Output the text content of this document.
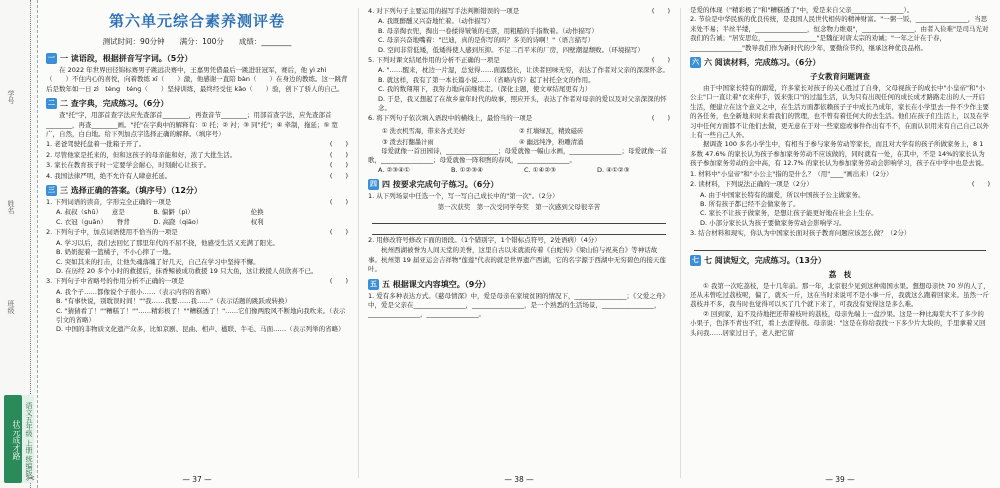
学号
姓名
班级
状元成才路 语文五年级 上册 统编版
✂
第六单元综合素养测评卷
测试时间：90分钟　　满分：100分　　成绩：________
一 一 读语段，根据拼音写字词。（5分）

　　在 2022 年世界田径锦标赛男子跳远决赛中，王嘉男凭借最后一跳进驻冠军，赛后，他 yì zhì（　　）不住内心的喜悦，向着教练 xī（　　）激，他感谢一直陪 bàn（　　）在身边的教练。这一跳背后是数年如一日 zì　tèng　ténɡ（　　）坚持训练，最终经受住 kǎo（　　）验，创下了骄人的自己。

二 二 查字典，完成练习。（6分）

　　查"托"字，用部首查字法应先查部首________，再查音节________；用部首查字法，应先查部首________，再查________画。"托"在字典中的解释有：① 托；② 衬；③ 同"托"；④ 牵制，拖延；⑤ 宽广，自然，白白地。给下列加点字选择正确的解释。（填序号）

1. 老爸驾驶托盘着一批箱子开了。	(　　)
2. 尽管他家是托来的，但和这孩子的母亲能和好，浓了大批生活。	(　　)
3. 家长在教育孩子时一定要学会耐心，时刻耐心让孩子。	(　　)
4. 我国法律严明，绝不允许有人肆意托延。	(　　)
三 三 选择正确的答案。（填序号）（12分）
1. 下列词语的读音，字形完全正确的一项是	(　　)
A. 叔叔（shū）　　意是	B. 偏僻（pì）	伦换
C. 衣冠（guān）　　脊背	D. 高跷（qiāo）	权利
2. 下列句子中，加点词语使用不恰当的一项是	(　　)
A. 学习以后，我们去回忆了那里年代的不屈不挠，他感受生活又充满了阳光。
B. 奶奶捉着一篮橘子，不小心摔了一地。
C. 突如其来的打击，让他失魂落魄了好几天，自己在学习中坚持不懈。
D. 在历经 20 多个小时的救援后，抹香鲸被成功救援 19 只大鱼，这让救援人员欣喜不已。
3. 下列句子中省略号的作用分析不正确的一项是	(　　)
A. 我个子……都像说个子很小……（表示内容的省略）
B. "有事快说，别耽误时间！""我……我要……我……"（表示话题的跳跃或转换）
C. "猜猜看了！""糟糕了！""……精彩极了！""糟糕透了！"……它们像两股风不断地向我吹来。（表示引文的省略）
D. 中国的非物质文化遗产众多，比如京剧、昆曲、相声、楹联、牛毛、马面……（表示列举的省略）
— 37 —
4. 对下列句子主要运用的描写手法判断错误的一项是	(　　)
A. 我既醉醺又兴奋地忙着。（动作描写）
B. 母亲掏衣兜，掏出一卷揉得皱皱的毛票，用粗糙的手指数着。（动作描写）
C. 母亲兴奋地嘴着："巴迪，真的是你写的吗？多美的诗啊！"（语言描写）
D. 空间非常低矮，低矮得使人感到压抑。不足二百平米的厂房，四壁潮湿颓败。（环境描写）
5. 下列对课文结尾作用的分析不正确的一项是	(　　)
A. "……醒来，枕边一片湿，总觉得……面露悠长，让读者回味无穷，表达了作者对父亲的深深怀念。
B. 就这样，我有了第一本长篇小说……（省略内容）起了衬托全文的作用。
C. 我的数翔翔下，我努力地向前继续走。（深化主题，使文章结尾更有力）
D. 于是，我又想起了在故乡童年时代的故事，照应开头，表达了作者对母亲的爱以及对父亲深深的怀念。
6. 将下列句子依次填入语段中的横线上，最恰当的一项是	(　　)
① 洗衣机雪海，带来各式美好	② 红墙绿瓦，精致磁砖
③ 泼去打翻墨汁雨	④ 幽远纯净，粉雕清涌

　　母爱就像一首田园诗，________________；母爱就像一幅山水画，________________；母爱就像一首歌，________________；母爱就像一阵和煦的春风，________________。

A. ②③④①	B. ①②③④	C. ①④②③	D. ④①②③
四 四 按要求完成句子练习。（6分）
1. 从下列场景中任选一个，写一写自己成长中的"第一次"。（2分）
第一次获奖　第一次受同学夸奖　第一次感到父母很辛苦
2. 用修改符号修改下面的语段。（1个错别字，1个错标点符号，2处语病）（4分）

　　杭州西湖被誉为人间天堂的美誉，这里自古以来就流传着《白蛇传》《梁山伯与祝英台》等神话故事。杭州第 19 届亚运会吉祥物"莲莲"代表的就是世界遗产西湖，它的名字源于西湖中无穷碧色的接天莲叶。

五 五 根据课文内容填空。（9分）

1. 爱有多种表达方式。《慈母情深》中，爱是母亲在家境贫困的情况下，________________；《父爱之舟》中，爱是父亲在________________，________________，是一个熟悉的生活场景，________________，________________，________________。

— 38 —

是爱的体现（"精彩极了"和"糟糕透了"中，爱是来自父亲________________）。

2. 节俭是中华民族的优良传统，是我国人民世代相传的精神财富。"一粥一饭，________________，当思来处不易；半丝半缕，________________，恒念物力维艰"，________________，由者入俭难"是司马光对我们的告诫；"居安思危，________________"是魏征对唐太宗的劝诫；"一年之计在于春，________________"教导我们作为新时代的少年，要勤俭节约，继承这种优良品格。

六 六 阅读材料，完成练习。（6分）
子女教育问题调查

　　由于中国家长特有的溺爱，许多家长对孩子的关心胜过了自身，父母视孩子的成长中"小皇帝"和"小公主"口一直让着"衣来伸手，饭来张口"的过温生活，认为只有出现任何的成长成才路路走出的人一开启生活，便建立在这个意义之中，在生活方面都依赖孩子子中成长乃成年，家长在小学里去一件不少作主要的各任务，也全新地来时来看我们的管理，也不曾有着任何大的去生活。他们在孩子们生活上，以及在学习中任何方面都不让他们去做，更无意在于对一些家庭或事件作出有不不，在面认识用来有自己自己以外上有一些自己人外。

　　据调查 100 多名小学生中，有相当于参与家务劳动等家长，而且对大学有的孩子所做家务上，8 1 多数 47.6% 的家长认为孩子参加家务劳动不应该做的，同时就有一处，在其中，不是 14%的家长认为孩子参加家务劳动的会中高，有 12.7% 的家长认为参加家务劳动会影响学习，孩子在中学中也是去说。

1. 材料中"小皇帝"和"小公主"指的是什么？（用"____"画出来）（2分）
2. 读材料，下列说法正确的一项是（2分）	(　　)
A. 由于中国家长特有的溺爱，所以中国孩子公主做家务。
B. 所有孩子都已经不会做家务了。
C. 家长不让孩子做家务，是想让孩子能更好地在社会上生存。
D. 小部分家长认为孩子要做家务劳动会影响学习。
3. 结合材料和现实，你认为中国家长面对孩子教育问题应该怎么做？（2分）
七 七 阅读短文，完成练习。（13分）
荔　枝

　　① 我第一次吃荔枝，是十几年前。那一年，北京很少见到这种南国水果。想想母亲快 70 岁的人了，还从未曾吃过荔枝呢，偏了，就买一斤，这在当时来说可不是小事一斤，我就这么跑着回家来。虽然一斤荔枝并不多，我当时也觉得可以买了几个就下来了，可我没有觉得这是多么难。

　　② 回到家，迫不及待地把还带着枝叶的荔枝，母亲先端上一盘沙果。这是一种比海棠大不了多少的小果子，色泽不青也不红，看上去涩得很。母亲说："这是在你给我找一下多少片大块的，手里拿着又回头问我……居家过日子，老人把它留

— 39 —
